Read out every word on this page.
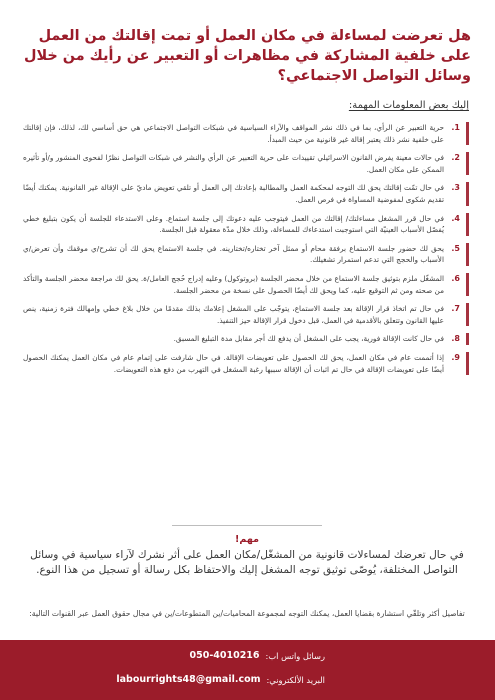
هل تعرضت لمساءلة في مكان العمل أو تمت إقالتك من العمل على خلفية المشاركة في مظاهرات أو التعبير عن رأيك من خلال وسائل التواصل الاجتماعي؟
إليك بعض المعلومات المهمة:
1.
حرية التعبير عن الرأي، بما في ذلك نشر المواقف والآراء السياسية في شبكات التواصل الاجتماعي هي حق أساسي لك، لذلك، فإن إقالتك على خلفية نشر ذلك يعتبر إقالة غير قانونية من حيث المبدأ.
2.
في حالات معينة يفرض القانون الاسرائيلي تقييدات على حرية التعبير عن الرأي والنشر في شبكات التواصل نظرًا لفحوى المنشور و/أو تأثيره الممكن على مكان العمل.
3.
في حال تمّت إقالتك يحق لك التوجه لمحكمة العمل والمطالبة بإعادتك إلى العمل أو تلقي تعويض ماديّ على الإقالة غير القانونية. يمكنك أيضًا تقديم شكوى لمفوضية المساواة في فرص العمل.
4.
في حال قرر المشغل مساءلتك/ إقالتك من العمل فيتوجب عليه دعوتك إلى جلسة استماع. وعلى الاستدعاء للجلسة أن يكون بتبليغ خطي يُفصّل الأسباب العينيّة التي استوجبت استدعاءك للمساءلة، وذلك خلال مدّة معقولة قبل الجلسة.
5.
يحق لك حضور جلسة الاستماع برفقة محام أو ممثل آخر تختاره/تختارينه. في جلسة الاستماع يحق لك أن تشرح/ي موقفك وأن تعرض/ي الأسباب والحجج التي تدعم استمرار تشغيلك.
6.
المشغّل ملزم بتوثيق جلسة الاستماع من خلال محضر الجلسة (بروتوكول) وعليه إدراج حُجج العامل/ة. يحق لك مراجعة محضر الجلسة والتأكد من صحته ومن ثم التوقيع عليه، كما ويحق لك أيضًا الحصول على نسخة من محضر الجلسة.
7.
في حال تم اتخاذ قرار الإقالة بعد جلسة الاستماع، يتوجّب على المشغل إعلامك بذلك مقدمًا من خلال بلاغ خطي وإمهالك فترة زمنية، ينص عليها القانون وتتعلق بالأقدمية في العمل، قبل دخول قرار الإقالة حيز التنفيذ.
8.
في حال كانت الإقالة فورية، يجب على المشغل أن يدفع لك أجر مقابل مدة التبليغ المسبق.
9.
إذا أتممت عام في مكان العمل، يحق لك الحصول على تعويضات الإقالة. في حال شارفت على إتمام عام في مكان العمل يمكنك الحصول أيضًا على تعويضات الإقالة في حال تم اثبات أن الإقالة سببها رغبة المشغل في التهرب من دفع هذه التعويضات.
مهم!

في حال تعرضك لمساءلات قانونية من المشغّل/مكان العمل على أثر نشرك لآراء سياسية في وسائل التواصل المختلفة، يُوصّى توثيق توجه المشغل إليك والاحتفاظ بكل رسالة أو تسجيل من هذا النوع.

تفاصيل أكثر وتلقّي استشارة بقضايا العمل، يمكنك التوجه لمجموعة المحاميات/ين المتطوعات/ين في مجال حقوق العمل عبر القنوات التالية:

رسائل واتس اب:
050-4010216
البريد الألكتروني:
labourrights48@gmail.com
